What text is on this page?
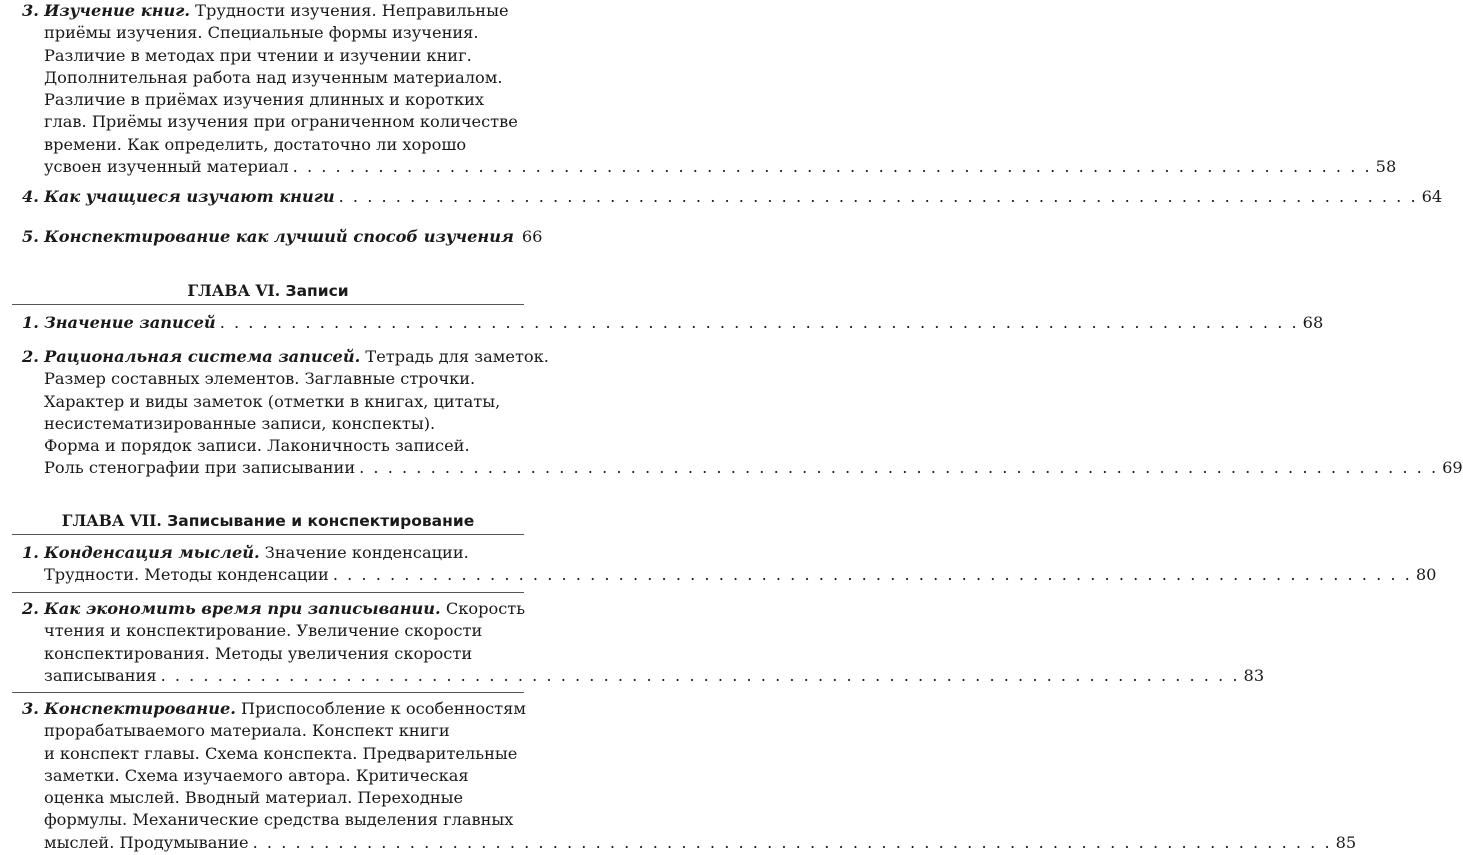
3. Изучение книг. Трудности изучения. Неправильные
приёмы изучения. Специальные формы изучения.
Различие в методах при чтении и изучении книг.
Дополнительная работа над изученным материалом.
Различие в приёмах изучения длинных и коротких
глав. Приёмы изучения при ограниченном количестве
времени. Как определить, достаточно ли хорошо
усвоен изученный материал . . .	58
4. Как учащиеся изучают книги . . .	64
5. Конспектирование как лучший способ изучения 66
ГЛАВА VI. Записи
1. Значение записей . . .	68
2. Рациональная система записей. Тетрадь для заметок.
Размер составных элементов. Заглавные строчки.
Характер и виды заметок (отметки в книгах, цитаты,
несистематизированные записи, конспекты).
Форма и порядок записи. Лаконичность записей.
Роль стенографии при записывании . . .	69
ГЛАВА VII. Записывание и конспектирование
1. Конденсация мыслей. Значение конденсации.
Трудности. Методы конденсации . . .	80
2. Как экономить время при записывании. Скорость
чтения и конспектирование. Увеличение скорости
конспектирования. Методы увеличения скорости
записывания . . .	83
3. Конспектирование. Приспособление к особенностям
прорабатываемого материала. Конспект книги
и конспект главы. Схема конспекта. Предварительные
заметки. Схема изучаемого автора. Критическая
оценка мыслей. Вводный материал. Переходные
формулы. Механические средства выделения главных
мыслей. Продумывание . . .	85
